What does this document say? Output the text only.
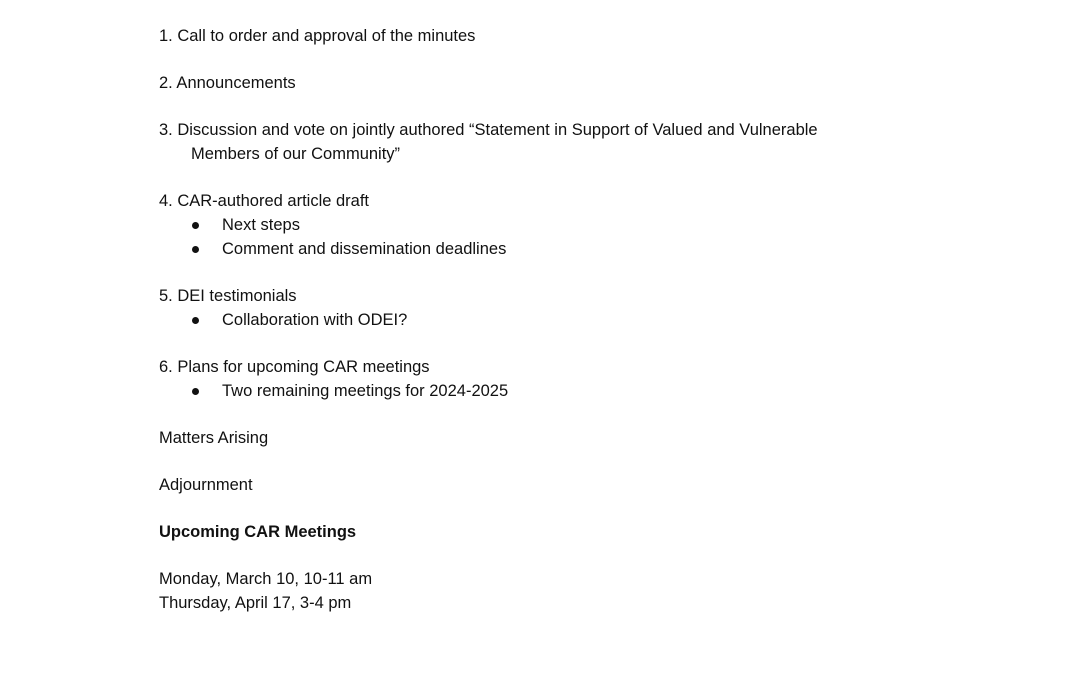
1. Call to order and approval of the minutes
2. Announcements
3. Discussion and vote on jointly authored “Statement in Support of Valued and Vulnerable
Members of our Community”
4. CAR-authored article draft
Next steps
Comment and dissemination deadlines
5. DEI testimonials
Collaboration with ODEI?
6. Plans for upcoming CAR meetings
Two remaining meetings for 2024-2025
Matters Arising
Adjournment
Upcoming CAR Meetings
Monday, March 10, 10-11 am
Thursday, April 17, 3-4 pm
